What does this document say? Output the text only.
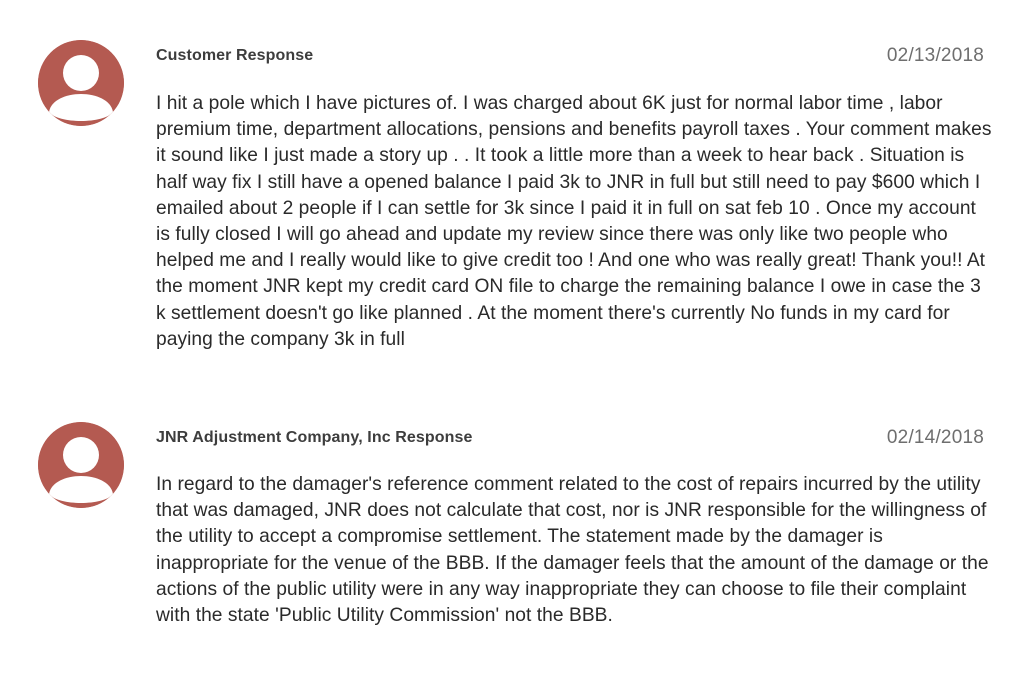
Customer Response	02/13/2018

I hit a pole which I have pictures of. I was charged about 6K just for normal labor time , labor premium time, department allocations, pensions and benefits payroll taxes . Your comment makes it sound like I just made a story up . . It took a little more than a week to hear back . Situation is half way fix I still have a opened balance I paid 3k to JNR in full but still need to pay $600 which I emailed about 2 people if I can settle for 3k since I paid it in full on sat feb 10 . Once my account is fully closed I will go ahead and update my review since there was only like two people who helped me and I really would like to give credit too ! And one who was really great! Thank you!! At the moment JNR kept my credit card ON file to charge the remaining balance I owe in case the 3 k settlement doesn't go like planned . At the moment there's currently No funds in my card for paying the company 3k in full

JNR Adjustment Company, Inc Response	02/14/2018

In regard to the damager's reference comment related to the cost of repairs incurred by the utility that was damaged, JNR does not calculate that cost, nor is JNR responsible for the willingness of the utility to accept a compromise settlement. The statement made by the damager is inappropriate for the venue of the BBB. If the damager feels that the amount of the damage or the actions of the public utility were in any way inappropriate they can choose to file their complaint with the state 'Public Utility Commission' not the BBB.
